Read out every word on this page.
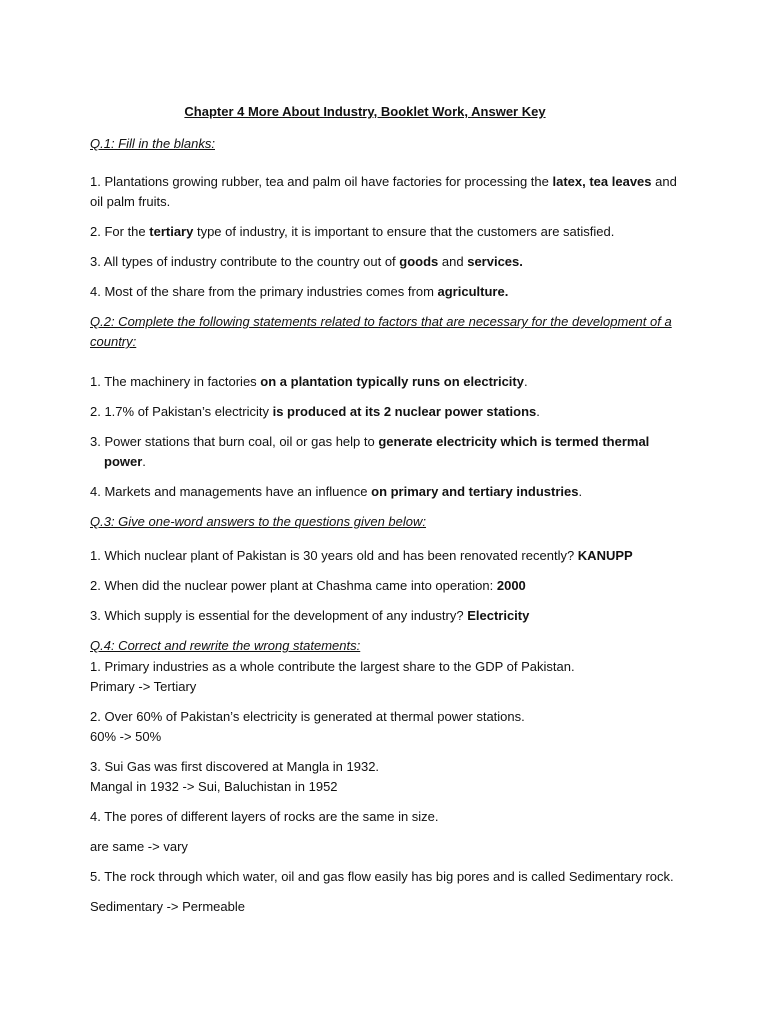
Chapter 4 More About Industry, Booklet Work, Answer Key
Q.1: Fill in the blanks:
1. Plantations growing rubber, tea and palm oil have factories for processing the latex, tea leaves and oil palm fruits.
2. For the tertiary type of industry, it is important to ensure that the customers are satisfied.
3. All types of industry contribute to the country out of goods and services.
4. Most of the share from the primary industries comes from agriculture.
Q.2: Complete the following statements related to factors that are necessary for the development of a country:
1. The machinery in factories on a plantation typically runs on electricity.
2. 1.7% of Pakistan’s electricity is produced at its 2 nuclear power stations.
3. Power stations that burn coal, oil or gas help to generate electricity which is termed thermal power.
4. Markets and managements have an influence on primary and tertiary industries.
Q.3: Give one-word answers to the questions given below:
1. Which nuclear plant of Pakistan is 30 years old and has been renovated recently? KANUPP
2. When did the nuclear power plant at Chashma came into operation: 2000
3. Which supply is essential for the development of any industry? Electricity
Q.4: Correct and rewrite the wrong statements:
1. Primary industries as a whole contribute the largest share to the GDP of Pakistan.
Primary -> Tertiary
2. Over 60% of Pakistan’s electricity is generated at thermal power stations.
60% -> 50%
3. Sui Gas was first discovered at Mangla in 1932.
Mangal in 1932 -> Sui, Baluchistan in 1952
4. The pores of different layers of rocks are the same in size.
are same -> vary
5. The rock through which water, oil and gas flow easily has big pores and is called Sedimentary rock.
Sedimentary -> Permeable
